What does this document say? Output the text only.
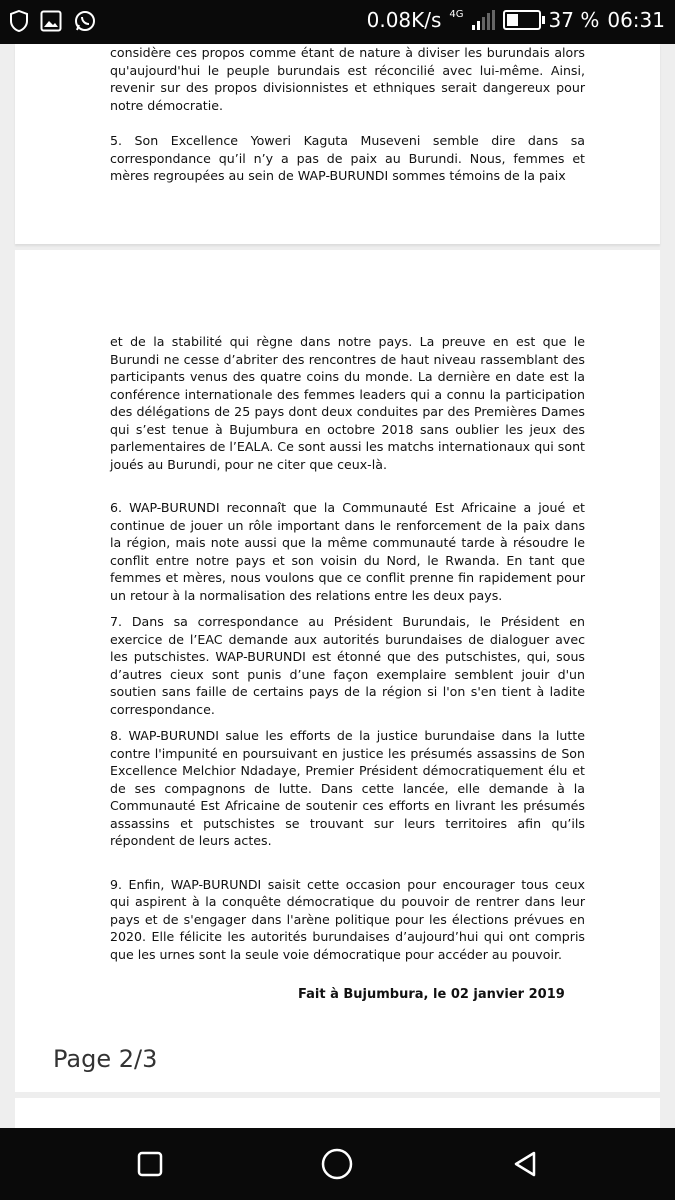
0.08K/s 4G	37 % 06:31

considère ces propos comme étant de nature à diviser les burundais alors qu'aujourd'hui le peuple burundais est réconcilié avec lui-même. Ainsi, revenir sur des propos divisionnistes et ethniques serait dangereux pour notre démocratie.

5. Son Excellence Yoweri Kaguta Museveni semble dire dans sa correspondance qu’il n’y a pas de paix au Burundi. Nous, femmes et mères regroupées au sein de WAP-BURUNDI sommes témoins de la paix

et de la stabilité qui règne dans notre pays. La preuve en est que le Burundi ne cesse d’abriter des rencontres de haut niveau rassemblant des participants venus des quatre coins du monde. La dernière en date est la conférence internationale des femmes leaders qui a connu la participation des délégations de 25 pays dont deux conduites par des Premières Dames qui s’est tenue à Bujumbura en octobre 2018 sans oublier les jeux des parlementaires de l’EALA. Ce sont aussi les matchs internationaux qui sont joués au Burundi, pour ne citer que ceux-là.

6. WAP-BURUNDI reconnaît que la Communauté Est Africaine a joué et continue de jouer un rôle important dans le renforcement de la paix dans la région, mais note aussi que la même communauté tarde à résoudre le conflit entre notre pays et son voisin du Nord, le Rwanda. En tant que femmes et mères, nous voulons que ce conflit prenne fin rapidement pour un retour à la normalisation des relations entre les deux pays.

7. Dans sa correspondance au Président Burundais, le Président en exercice de l’EAC demande aux autorités burundaises de dialoguer avec les putschistes. WAP-BURUNDI est étonné que des putschistes, qui, sous d’autres cieux sont punis d’une façon exemplaire semblent jouir d'un soutien sans faille de certains pays de la région si l'on s'en tient à ladite correspondance.

8. WAP-BURUNDI salue les efforts de la justice burundaise dans la lutte contre l'impunité en poursuivant en justice les présumés assassins de Son Excellence Melchior Ndadaye, Premier Président démocratiquement élu et de ses compagnons de lutte. Dans cette lancée, elle demande à la Communauté Est Africaine de soutenir ces efforts en livrant les présumés assassins et putschistes se trouvant sur leurs territoires afin qu’ils répondent de leurs actes.

9. Enfin, WAP-BURUNDI saisit cette occasion pour encourager tous ceux qui aspirent à la conquête démocratique du pouvoir de rentrer dans leur pays et de s'engager dans l'arène politique pour les élections prévues en 2020. Elle félicite les autorités burundaises d’aujourd’hui qui ont compris que les urnes sont la seule voie démocratique pour accéder au pouvoir.

Fait à Bujumbura, le 02 janvier 2019
Page 2/3
